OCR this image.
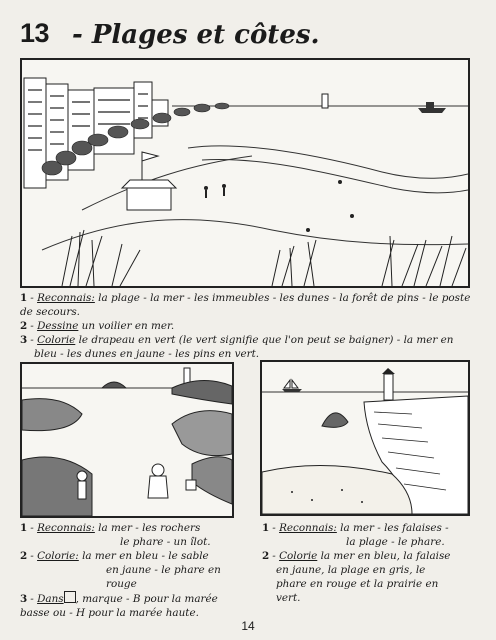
13 - Plages et côtes.
1 - Reconnais: la plage - la mer - les immeubles - les dunes - la forêt de pins - le poste de secours.
2 - Dessine un voilier en mer.
3 - Colorie le drapeau en vert (le vert signifie que l'on peut se baigner) - la mer en
bleu - les dunes en jaune - les pins en vert.
1 - Reconnais: la mer - les rochers
le phare - un îlot.
2 - Colorie: la mer en bleu - le sable
en jaune - le phare en rouge
3 - Dans , marque - B pour la marée
basse ou - H pour la marée haute.
1 - Reconnais: la mer - les falaises -
la plage - le phare.
2 - Colorie la mer en bleu, la falaise
en jaune, la plage en gris, le
phare en rouge et la prairie en
vert.
14
